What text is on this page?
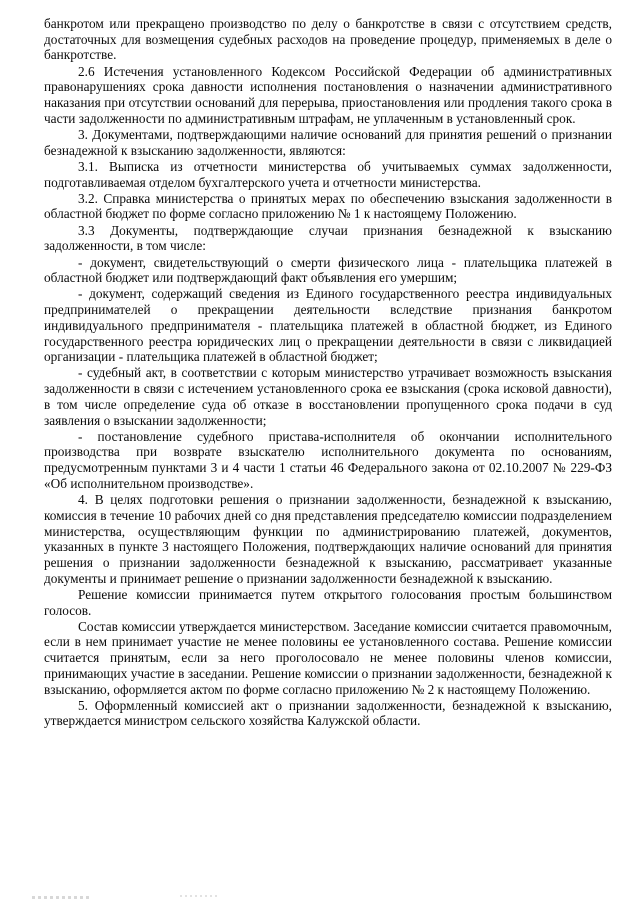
банкротом или прекращено производство по делу о банкротстве в связи с отсутствием средств, достаточных для возмещения судебных расходов на проведение процедур, применяемых в деле о банкротстве.

2.6 Истечения установленного Кодексом Российской Федерации об административных правонарушениях срока давности исполнения постановления о назначении административного наказания при отсутствии оснований для перерыва, приостановления или продления такого срока в части задолженности по административным штрафам, не уплаченным в установленный срок.

3. Документами, подтверждающими наличие оснований для принятия решений о признании безнадежной к взысканию задолженности, являются:

3.1. Выписка из отчетности министерства об учитываемых суммах задолженности, подготавливаемая отделом бухгалтерского учета и отчетности министерства.

3.2. Справка министерства о принятых мерах по обеспечению взыскания задолженности в областной бюджет по форме согласно приложению № 1 к настоящему Положению.

3.3 Документы, подтверждающие случаи признания безнадежной к взысканию задолженности, в том числе:

- документ, свидетельствующий о смерти физического лица - плательщика платежей в областной бюджет или подтверждающий факт объявления его умершим;

- документ, содержащий сведения из Единого государственного реестра индивидуальных предпринимателей о прекращении деятельности вследствие признания банкротом индивидуального предпринимателя - плательщика платежей в областной бюджет, из Единого государственного реестра юридических лиц о прекращении деятельности в связи с ликвидацией организации - плательщика платежей в областной бюджет;

- судебный акт, в соответствии с которым министерство утрачивает возможность взыскания задолженности в связи с истечением установленного срока ее взыскания (срока исковой давности), в том числе определение суда об отказе в восстановлении пропущенного срока подачи в суд заявления о взыскании задолженности;

- постановление судебного пристава-исполнителя об окончании исполнительного производства при возврате взыскателю исполнительного документа по основаниям, предусмотренным пунктами 3 и 4 части 1 статьи 46 Федерального закона от 02.10.2007 № 229-ФЗ «Об исполнительном производстве».

4. В целях подготовки решения о признании задолженности, безнадежной к взысканию, комиссия в течение 10 рабочих дней со дня представления председателю комиссии подразделением министерства, осуществляющим функции по администрированию платежей, документов, указанных в пункте 3 настоящего Положения, подтверждающих наличие оснований для принятия решения о признании задолженности безнадежной к взысканию, рассматривает указанные документы и принимает решение о признании задолженности безнадежной к взысканию.

Решение комиссии принимается путем открытого голосования простым большинством голосов.

Состав комиссии утверждается министерством. Заседание комиссии считается правомочным, если в нем принимает участие не менее половины ее установленного состава. Решение комиссии считается принятым, если за него проголосовало не менее половины членов комиссии, принимающих участие в заседании. Решение комиссии о признании задолженности, безнадежной к взысканию, оформляется актом по форме согласно приложению № 2 к настоящему Положению.

5. Оформленный комиссией акт о признании задолженности, безнадежной к взысканию, утверждается министром сельского хозяйства Калужской области.
